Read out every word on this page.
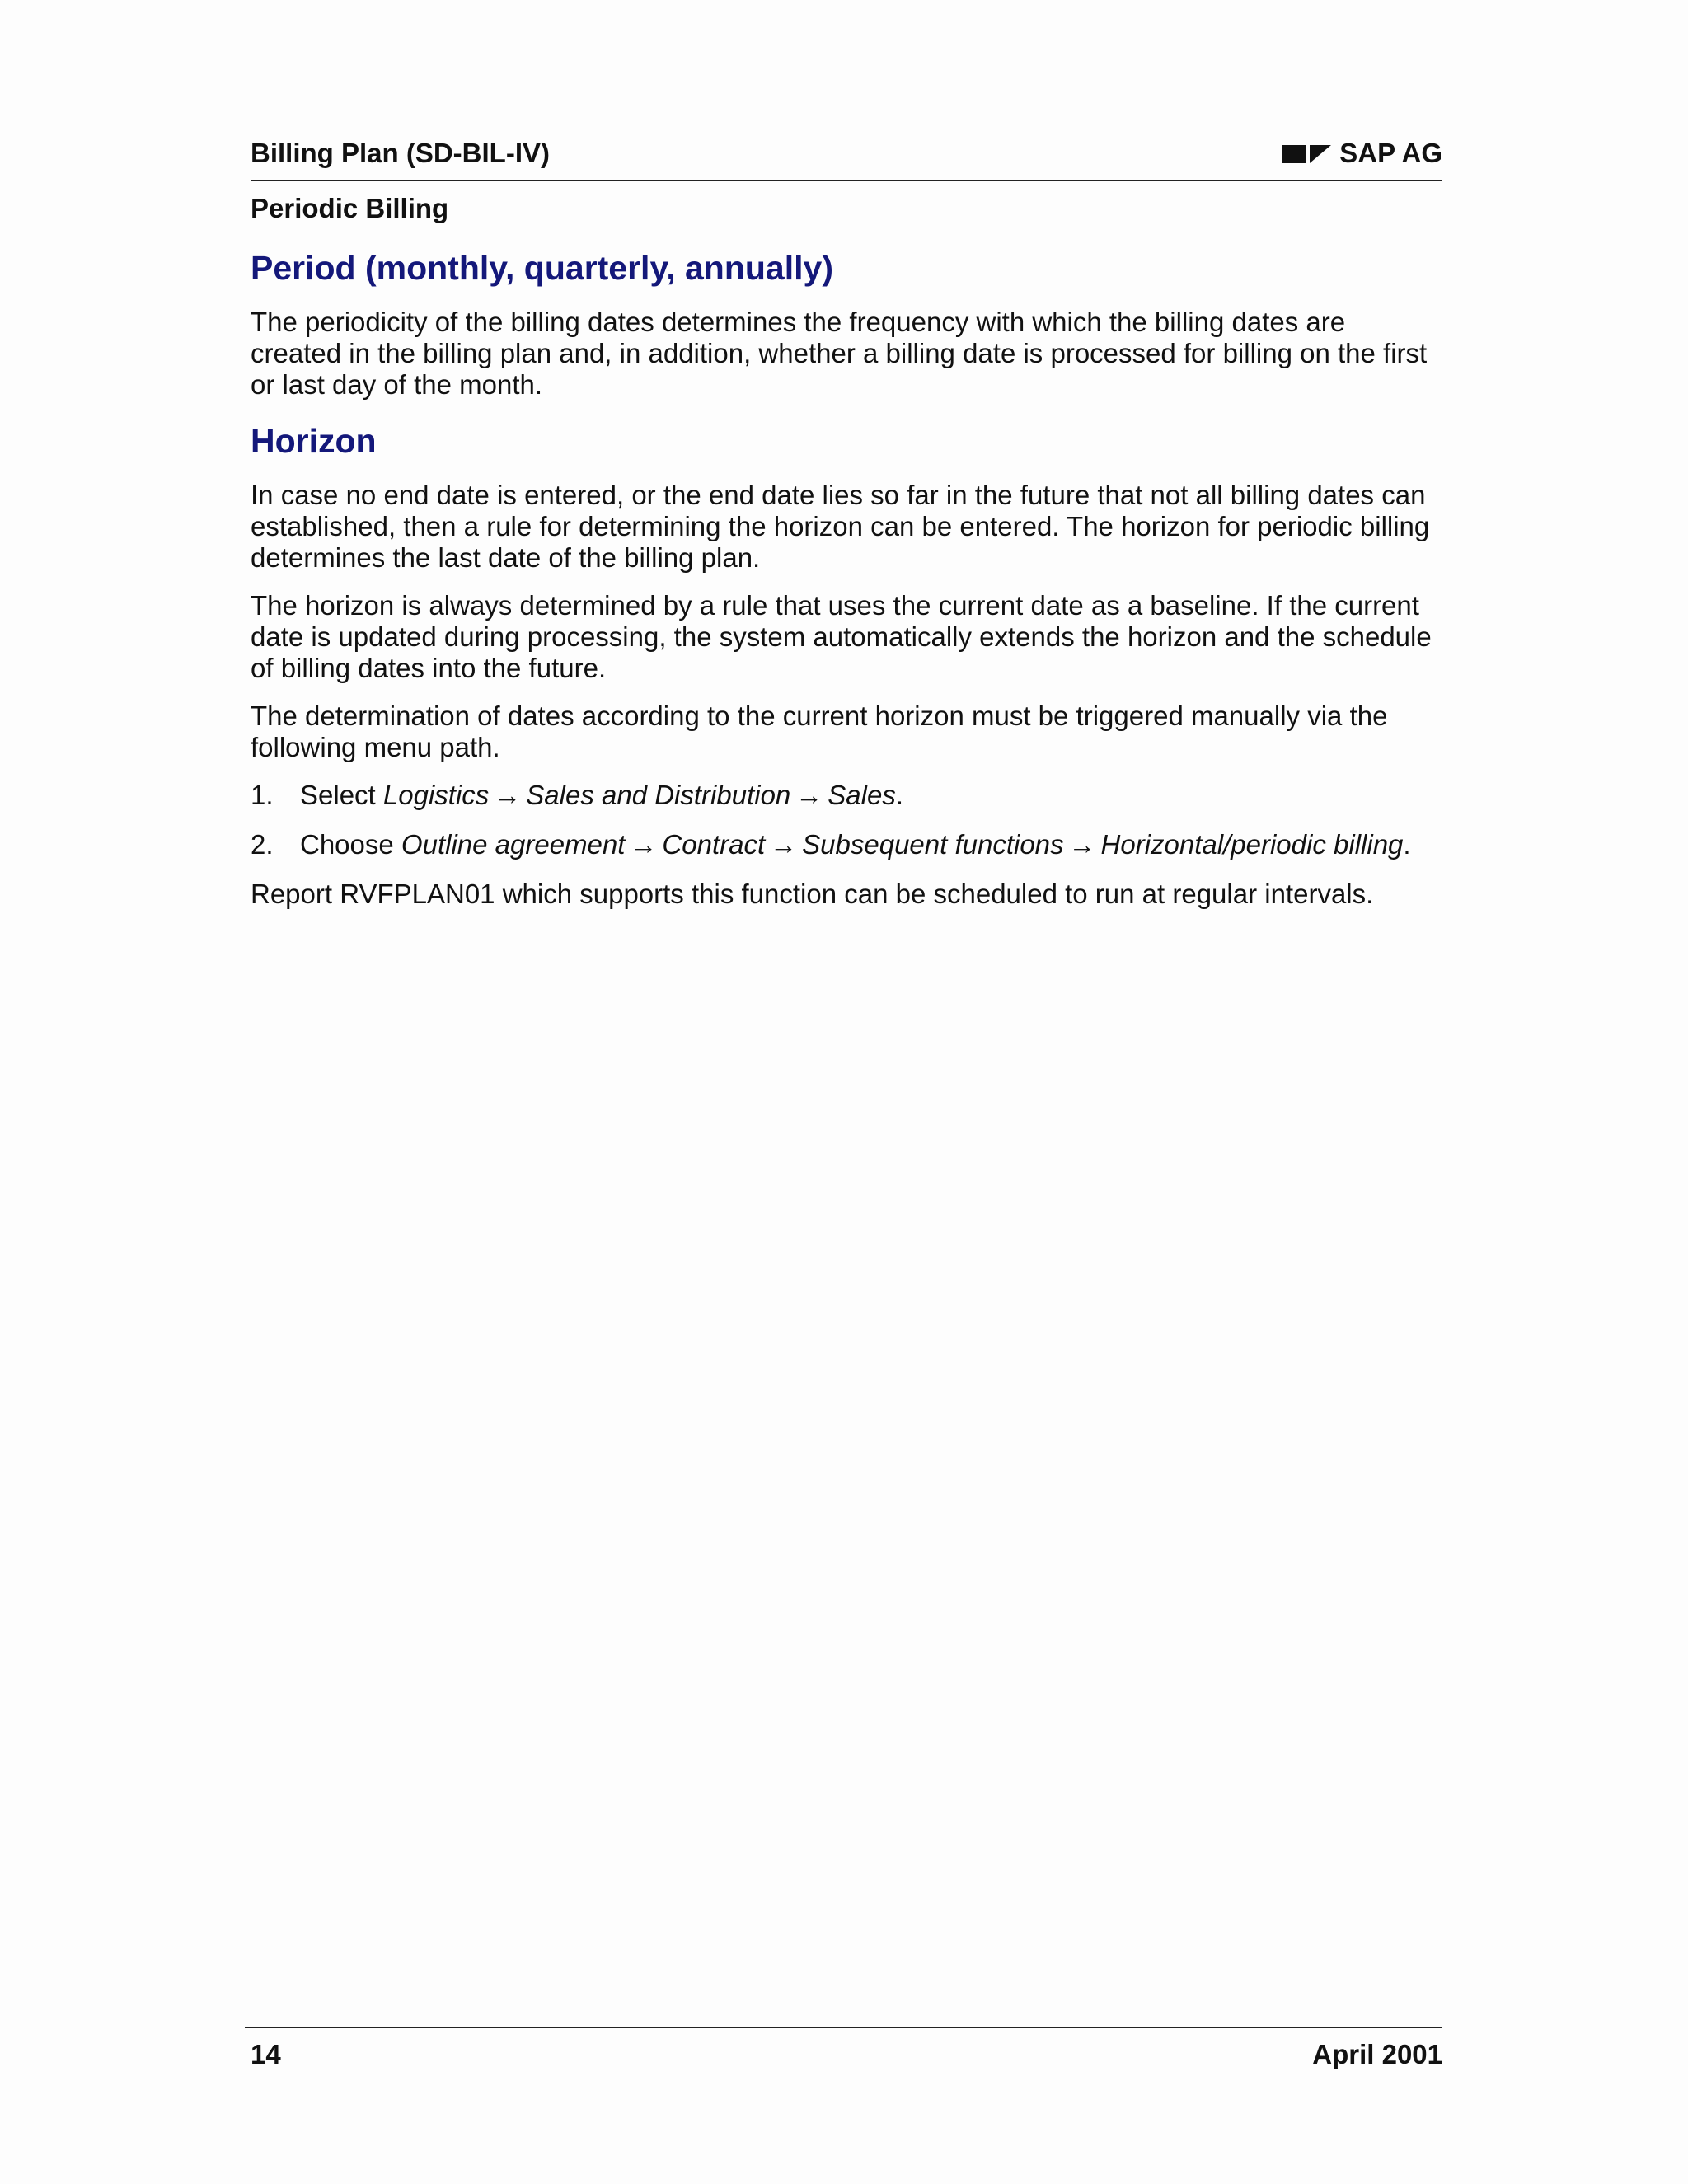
Billing Plan (SD-BIL-IV)	SAP AG
Periodic Billing
Period (monthly, quarterly, annually)

The periodicity of the billing dates determines the frequency with which the billing dates are created in the billing plan and, in addition, whether a billing date is processed for billing on the first or last day of the month.

Horizon

In case no end date is entered, or the end date lies so far in the future that not all billing dates can established, then a rule for determining the horizon can be entered. The horizon for periodic billing determines the last date of the billing plan.

The horizon is always determined by a rule that uses the current date as a baseline. If the current date is updated during processing, the system automatically extends the horizon and the schedule of billing dates into the future.

The determination of dates according to the current horizon must be triggered manually via the following menu path.

1. Select Logistics → Sales and Distribution → Sales.
2. Choose Outline agreement → Contract → Subsequent functions → Horizontal/periodic billing.

Report RVFPLAN01 which supports this function can be scheduled to run at regular intervals.

14	April 2001
